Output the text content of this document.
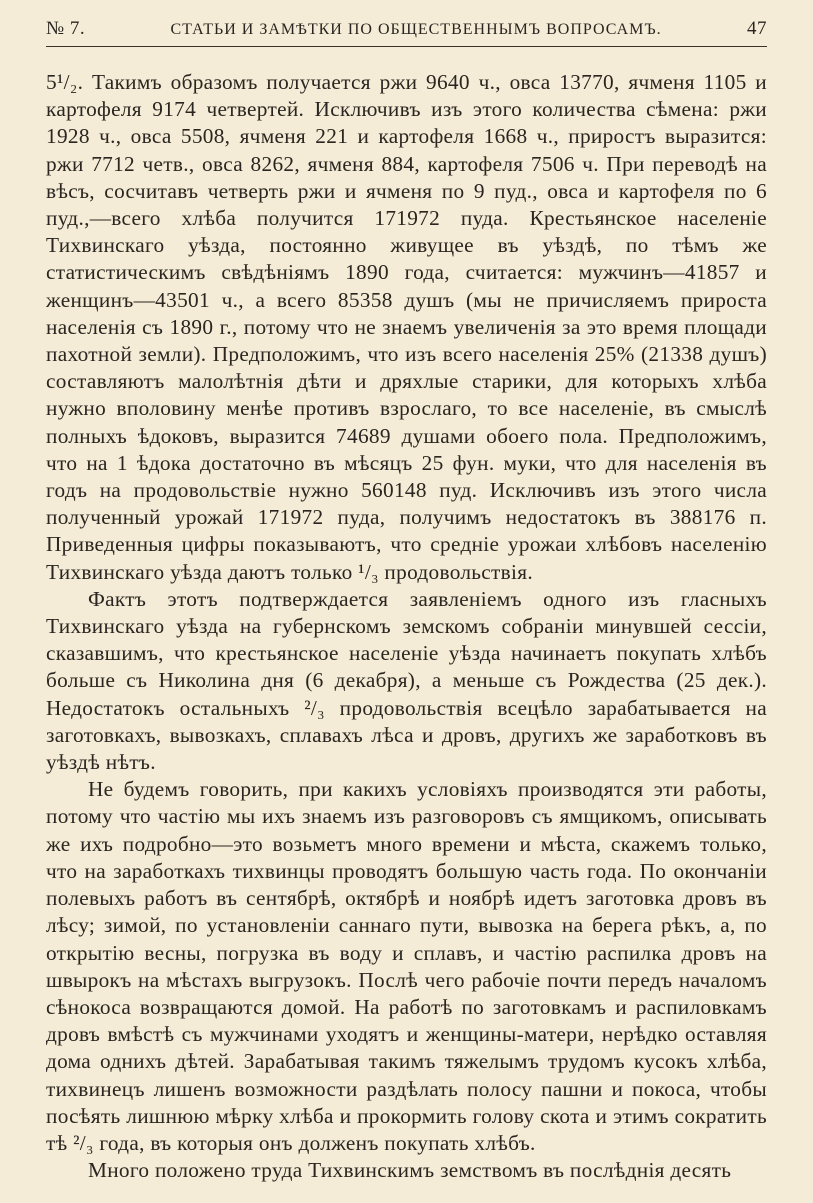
№ 7.	СТАТЬИ И ЗАМѢТКИ ПО ОБЩЕСТВЕННЫМЪ ВОПРОСАМЪ.	47

5¹/₂. Такимъ образомъ получается ржи 9640 ч., овса 13770, ячменя 1105 и картофеля 9174 четвертей. Исключивъ изъ этого количества сѣмена: ржи 1928 ч., овса 5508, ячменя 221 и картофеля 1668 ч., приростъ выразится: ржи 7712 четв., овса 8262, ячменя 884, картофеля 7506 ч. При переводѣ на вѣсъ, сосчитавъ четверть ржи и ячменя по 9 пуд., овса и картофеля по 6 пуд.,—всего хлѣба получится 171972 пуда. Крестьянское населеніе Тихвинскаго уѣзда, постоянно живущее въ уѣздѣ, по тѣмъ же статистическимъ свѣдѣніямъ 1890 года, считается: мужчинъ—41857 и женщинъ—43501 ч., а всего 85358 душъ (мы не причисляемъ прироста населенія съ 1890 г., потому что не знаемъ увеличенія за это время площади пахотной земли). Предположимъ, что изъ всего населенія 25% (21338 душъ) составляютъ малолѣтнія дѣти и дряхлые старики, для которыхъ хлѣба нужно вполовину менѣе противъ взрослаго, то все населеніе, въ смыслѣ полныхъ ѣдоковъ, выразится 74689 душами обоего пола. Предположимъ, что на 1 ѣдока достаточно въ мѣсяцъ 25 фун. муки, что для населенія въ годъ на продовольствіе нужно 560148 пуд. Исключивъ изъ этого числа полученный урожай 171972 пуда, получимъ недостатокъ въ 388176 п. Приведенныя цифры показываютъ, что средніе урожаи хлѣбовъ населенію Тихвинскаго уѣзда даютъ только ¹/₃ продовольствія.

Фактъ этотъ подтверждается заявленіемъ одного изъ гласныхъ Тихвинскаго уѣзда на губернскомъ земскомъ собраніи минувшей сессіи, сказавшимъ, что крестьянское населеніе уѣзда начинаетъ покупать хлѣбъ больше съ Николина дня (6 декабря), а меньше съ Рождества (25 дек.). Недостатокъ остальныхъ ²/₃ продовольствія всецѣло зарабатывается на заготовкахъ, вывозкахъ, сплавахъ лѣса и дровъ, другихъ же заработковъ въ уѣздѣ нѣтъ.

Не будемъ говорить, при какихъ условіяхъ производятся эти работы, потому что частію мы ихъ знаемъ изъ разговоровъ съ ямщикомъ, описывать же ихъ подробно—это возьметъ много времени и мѣста, скажемъ только, что на заработкахъ тихвинцы проводятъ большую часть года. По окончаніи полевыхъ работъ въ сентябрѣ, октябрѣ и ноябрѣ идетъ заготовка дровъ въ лѣсу; зимой, по установленіи саннаго пути, вывозка на берега рѣкъ, а, по открытію весны, погрузка въ воду и сплавъ, и частію распилка дровъ на швырокъ на мѣстахъ выгрузокъ. Послѣ чего рабочіе почти передъ началомъ сѣнокоса возвращаются домой. На работѣ по заготовкамъ и распиловкамъ дровъ вмѣстѣ съ мужчинами уходятъ и женщины-матери, нерѣдко оставляя дома однихъ дѣтей. Зарабатывая такимъ тяжелымъ трудомъ кусокъ хлѣба, тихвинецъ лишенъ возможности раздѣлать полосу пашни и покоса, чтобы посѣять лишнюю мѣрку хлѣба и прокормить голову скота и этимъ сократить тѣ ²/₃ года, въ которыя онъ долженъ покупать хлѣбъ.

Много положено труда Тихвинскимъ земствомъ въ послѣднія десять
